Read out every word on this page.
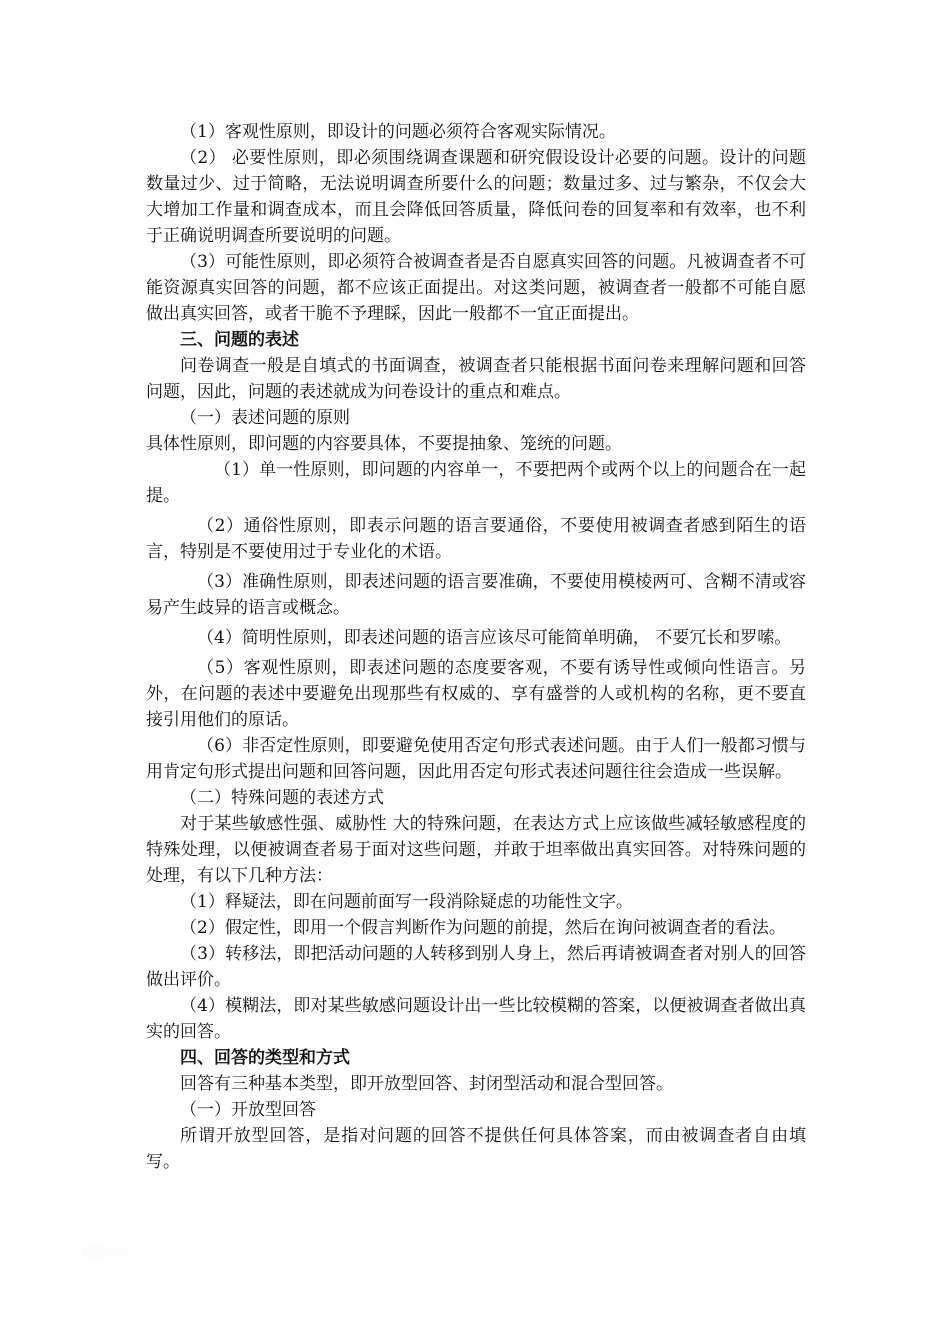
（1）客观性原则，即设计的问题必须符合客观实际情况。

（2） 必要性原则，即必须围绕调查课题和研究假设设计必要的问题。设计的问题数量过少、过于简略，无法说明调查所要什么的问题；数量过多、过与繁杂，不仅会大大增加工作量和调查成本，而且会降低回答质量，降低问卷的回复率和有效率，也不利于正确说明调查所要说明的问题。

（3）可能性原则，即必须符合被调查者是否自愿真实回答的问题。凡被调查者不可能资源真实回答的问题，都不应该正面提出。对这类问题，被调查者一般都不可能自愿做出真实回答，或者干脆不予理睬，因此一般都不一宜正面提出。

三、问题的表述

问卷调查一般是自填式的书面调查，被调查者只能根据书面问卷来理解问题和回答问题，因此，问题的表述就成为问卷设计的重点和难点。

（一）表述问题的原则

具体性原则，即问题的内容要具体，不要提抽象、笼统的问题。

（1）单一性原则，即问题的内容单一，不要把两个或两个以上的问题合在一起提。

（2）通俗性原则，即表示问题的语言要通俗，不要使用被调查者感到陌生的语言，特别是不要使用过于专业化的术语。

（3）准确性原则，即表述问题的语言要准确，不要使用模棱两可、含糊不清或容易产生歧异的语言或概念。

（4）简明性原则，即表述问题的语言应该尽可能简单明确， 不要冗长和罗嗦。

（5）客观性原则，即表述问题的态度要客观，不要有诱导性或倾向性语言。另外，在问题的表述中要避免出现那些有权威的、享有盛誉的人或机构的名称，更不要直接引用他们的原话。

（6）非否定性原则，即要避免使用否定句形式表述问题。由于人们一般都习惯与用肯定句形式提出问题和回答问题，因此用否定句形式表述问题往往会造成一些误解。

（二）特殊问题的表述方式

对于某些敏感性强、威胁性 大的特殊问题，在表达方式上应该做些减轻敏感程度的特殊处理，以便被调查者易于面对这些问题，并敢于坦率做出真实回答。对特殊问题的处理，有以下几种方法：

（1）释疑法，即在问题前面写一段消除疑虑的功能性文字。

（2）假定性，即用一个假言判断作为问题的前提，然后在询问被调查者的看法。

（3）转移法，即把活动问题的人转移到别人身上，然后再请被调查者对别人的回答做出评价。

（4）模糊法，即对某些敏感问题设计出一些比较模糊的答案，以便被调查者做出真实的回答。

四、回答的类型和方式

回答有三种基本类型，即开放型回答、封闭型活动和混合型回答。

（一）开放型回答

所谓开放型回答，是指对问题的回答不提供任何具体答案，而由被调查者自由填写。
